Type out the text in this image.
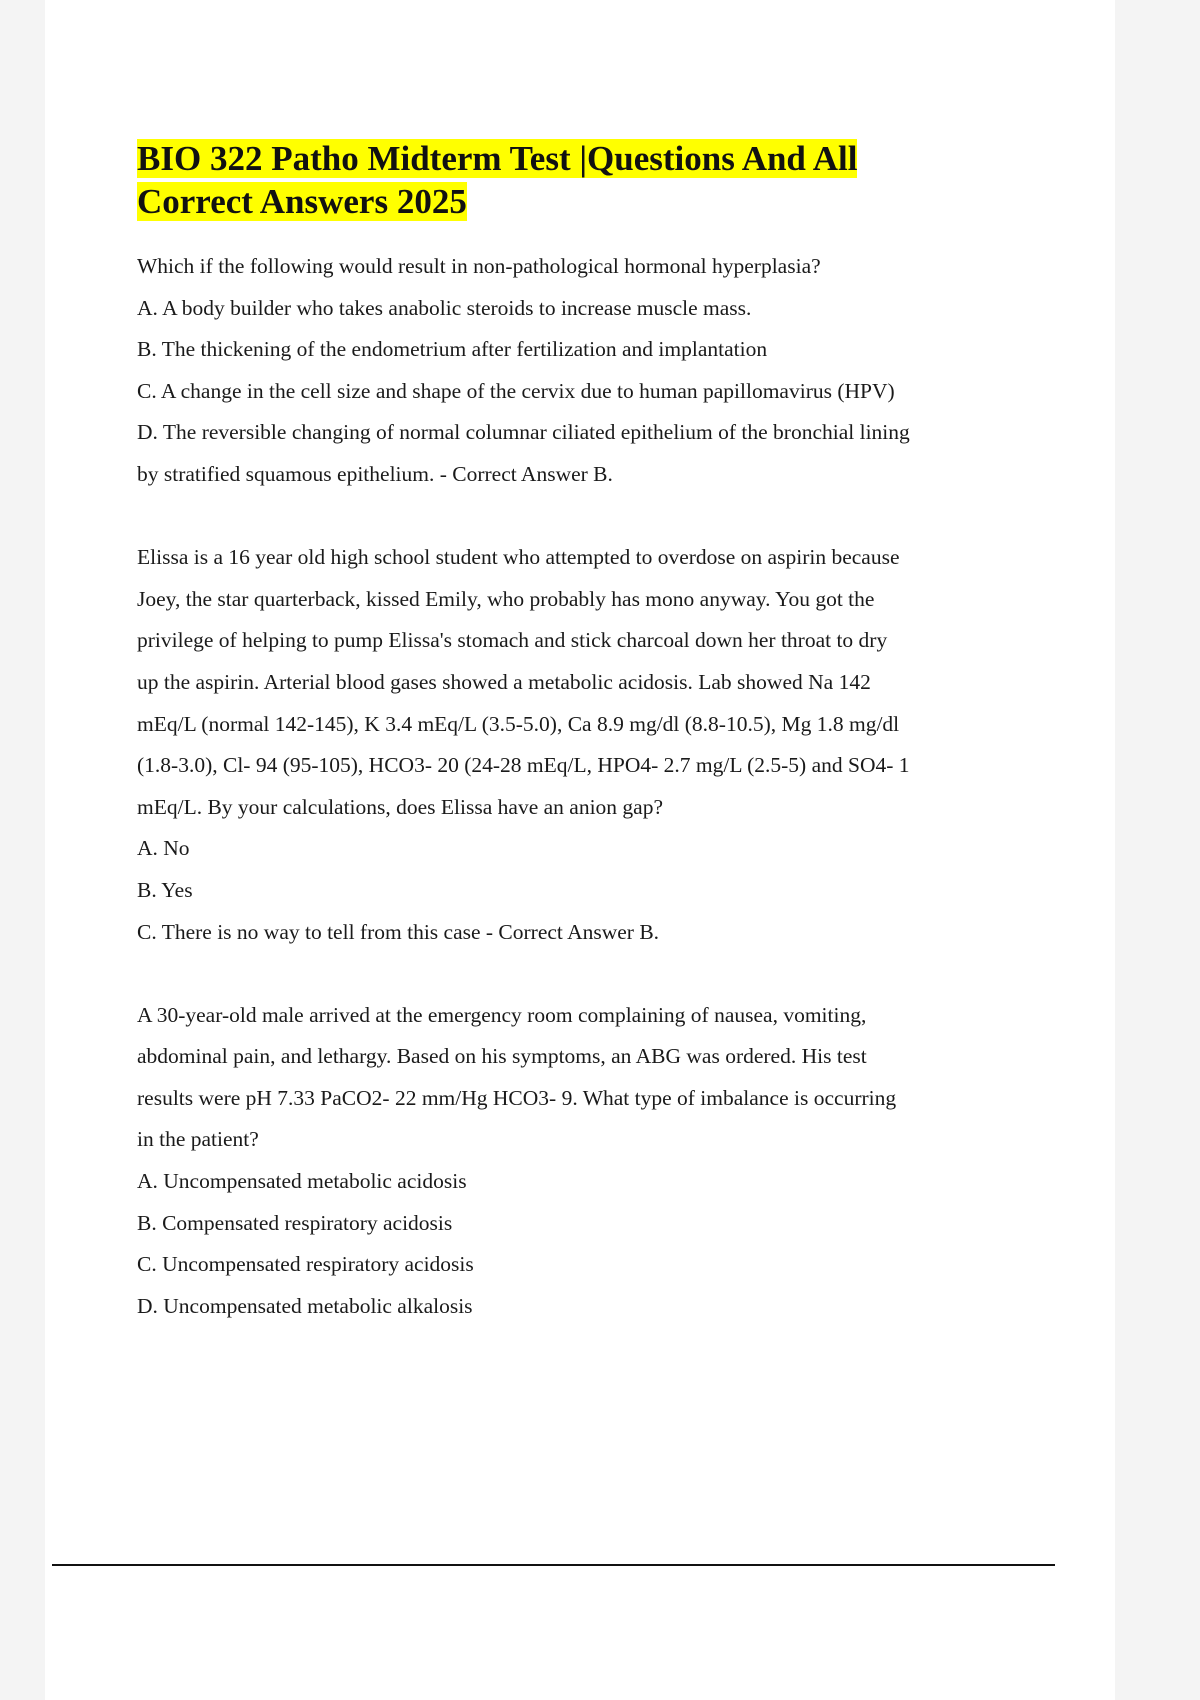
BIO 322 Patho Midterm Test |Questions And All
Correct Answers 2025
Which if the following would result in non-pathological hormonal hyperplasia?
A. A body builder who takes anabolic steroids to increase muscle mass.
B. The thickening of the endometrium after fertilization and implantation
C. A change in the cell size and shape of the cervix due to human papillomavirus (HPV)
D. The reversible changing of normal columnar ciliated epithelium of the bronchial lining
by stratified squamous epithelium. - Correct Answer B.
Elissa is a 16 year old high school student who attempted to overdose on aspirin because
Joey, the star quarterback, kissed Emily, who probably has mono anyway. You got the
privilege of helping to pump Elissa's stomach and stick charcoal down her throat to dry
up the aspirin. Arterial blood gases showed a metabolic acidosis. Lab showed Na 142
mEq/L (normal 142-145), K 3.4 mEq/L (3.5-5.0), Ca 8.9 mg/dl (8.8-10.5), Mg 1.8 mg/dl
(1.8-3.0), Cl- 94 (95-105), HCO3- 20 (24-28 mEq/L, HPO4- 2.7 mg/L (2.5-5) and SO4- 1
mEq/L. By your calculations, does Elissa have an anion gap?
A. No
B. Yes
C. There is no way to tell from this case - Correct Answer B.
A 30-year-old male arrived at the emergency room complaining of nausea, vomiting,
abdominal pain, and lethargy. Based on his symptoms, an ABG was ordered. His test
results were pH 7.33 PaCO2- 22 mm/Hg HCO3- 9. What type of imbalance is occurring
in the patient?
A. Uncompensated metabolic acidosis
B. Compensated respiratory acidosis
C. Uncompensated respiratory acidosis
D. Uncompensated metabolic alkalosis
